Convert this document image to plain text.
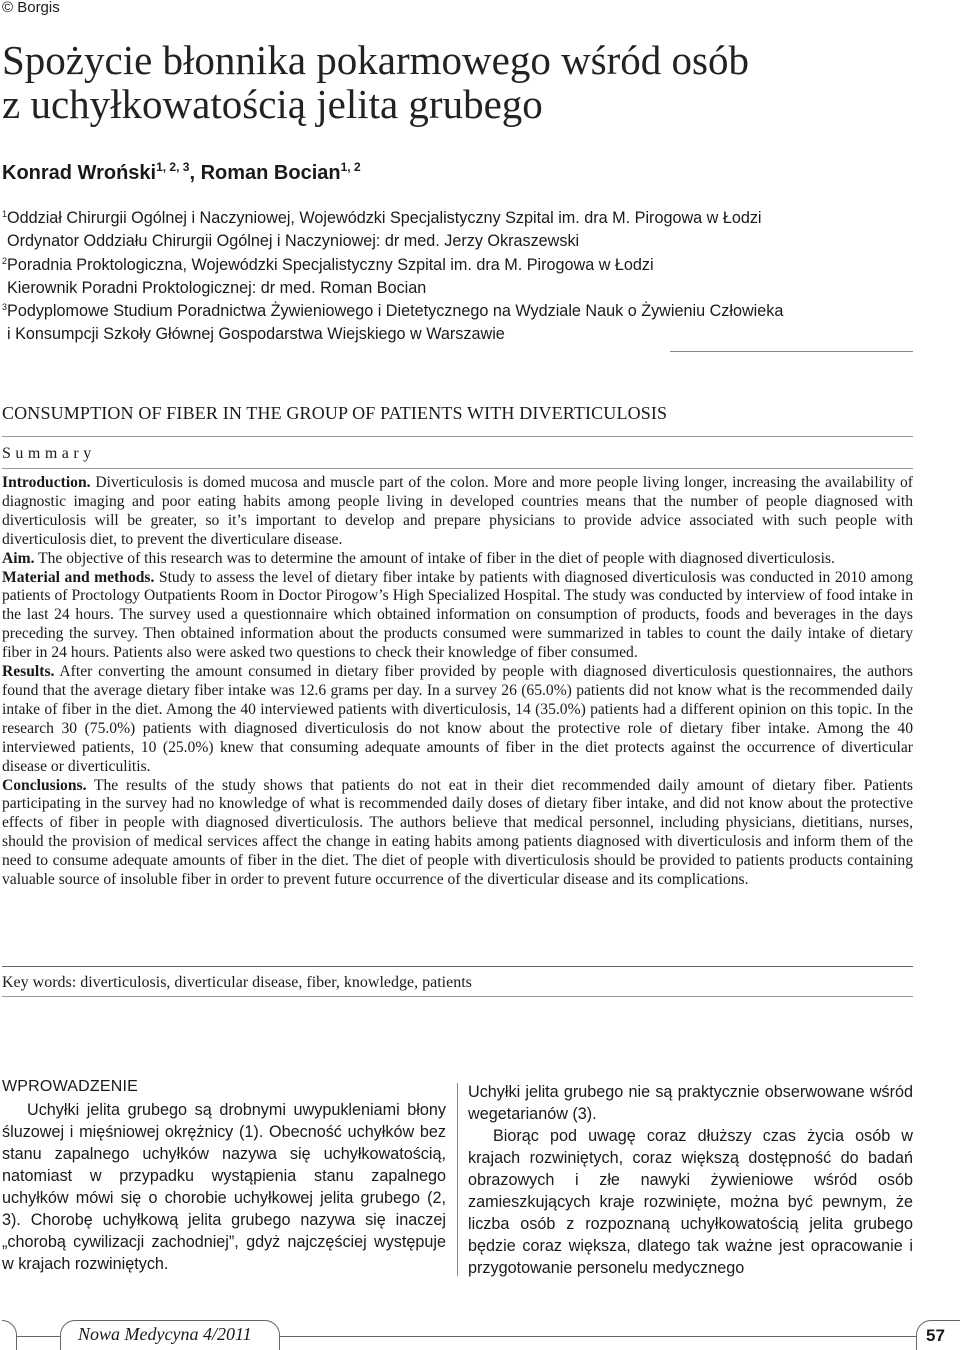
© Borgis
Spożycie błonnika pokarmowego wśród osób
z uchyłkowatością jelita grubego
Konrad Wroński$^{1, 2, 3}$, Roman Bocian$^{1, 2}$
$^1$Oddział Chirurgii Ogólnej i Naczyniowej, Wojewódzki Specjalistyczny Szpital im. dra M. Pirogowa w Łodzi
Ordynator Oddziału Chirurgii Ogólnej i Naczyniowej: dr med. Jerzy Okraszewski
$^2$Poradnia Proktologiczna, Wojewódzki Specjalistyczny Szpital im. dra M. Pirogowa w Łodzi
Kierownik Poradni Proktologicznej: dr med. Roman Bocian
$^3$Podyplomowe Studium Poradnictwa Żywieniowego i Dietetycznego na Wydziale Nauk o Żywieniu Człowieka
i Konsumpcji Szkoły Głównej Gospodarstwa Wiejskiego w Warszawie
CONSUMPTION OF FIBER IN THE GROUP OF PATIENTS WITH DIVERTICULOSIS
Summary

Introduction. Diverticulosis is domed mucosa and muscle part of the colon. More and more people living longer, increasing the availability of diagnostic imaging and poor eating habits among people living in developed countries means that the number of people diagnosed with diverticulosis will be greater, so it’s important to develop and prepare physicians to provide advice associated with such people with diverticulosis diet, to prevent the diverticulare disease.

Aim. The objective of this research was to determine the amount of intake of fiber in the diet of people with diagnosed diverticulosis.

Material and methods. Study to assess the level of dietary fiber intake by patients with diagnosed diverticulosis was conducted in 2010 among patients of Proctology Outpatients Room in Doctor Pirogow’s High Specialized Hospital. The study was conducted by interview of food intake in the last 24 hours. The survey used a questionnaire which obtained information on consumption of products, foods and beverages in the days preceding the survey. Then obtained information about the products consumed were summarized in tables to count the daily intake of dietary fiber in 24 hours. Patients also were asked two questions to check their knowledge of fiber consumed.

Results. After converting the amount consumed in dietary fiber provided by people with diagnosed diverticulosis questionnaires, the authors found that the average dietary fiber intake was 12.6 grams per day. In a survey 26 (65.0%) patients did not know what is the recommended daily intake of fiber in the diet. Among the 40 interviewed patients with diverticulosis, 14 (35.0%) patients had a different opinion on this topic. In the research 30 (75.0%) patients with diagnosed diverticulosis do not know about the protective role of dietary fiber intake. Among the 40 interviewed patients, 10 (25.0%) knew that consuming adequate amounts of fiber in the diet protects against the occurrence of diverticular disease or diverticulitis.

Conclusions. The results of the study shows that patients do not eat in their diet recommended daily amount of dietary fiber. Patients participating in the survey had no knowledge of what is recommended daily doses of dietary fiber intake, and did not know about the protective effects of fiber in people with diagnosed diverticulosis. The authors believe that medical personnel, including physicians, dietitians, nurses, should the provision of medical services affect the change in eating habits among patients diagnosed with diverticulosis and inform them of the need to consume adequate amounts of fiber in the diet. The diet of people with diverticulosis should be provided to patients products containing valuable source of insoluble fiber in order to prevent future occurrence of the diverticular disease and its complications.

Key words: diverticulosis, diverticular disease, fiber, knowledge, patients
WPROWADZENIE

Uchyłki jelita grubego są drobnymi uwypukleniami błony śluzowej i mięśniowej okrężnicy (1). Obecność uchyłków bez stanu zapalnego uchyłków nazywa się uchyłkowatością, natomiast w przypadku wystąpienia stanu zapalnego uchyłków mówi się o chorobie uchyłkowej jelita grubego (2, 3). Chorobę uchyłkową jelita grubego nazywa się inaczej „chorobą cywilizacji zachodniej”, gdyż najczęściej występuje w krajach rozwiniętych.

Uchyłki jelita grubego nie są praktycznie obserwowane wśród wegetarianów (3).

Biorąc pod uwagę coraz dłuższy czas życia osób w krajach rozwiniętych, coraz większą dostępność do badań obrazowych i złe nawyki żywieniowe wśród osób zamieszkujących kraje rozwinięte, można być pewnym, że liczba osób z rozpoznaną uchyłkowatością jelita grubego będzie coraz większa, dlatego tak ważne jest opracowanie i przygotowanie personelu medycznego

Nowa Medycyna 4/2011	57
